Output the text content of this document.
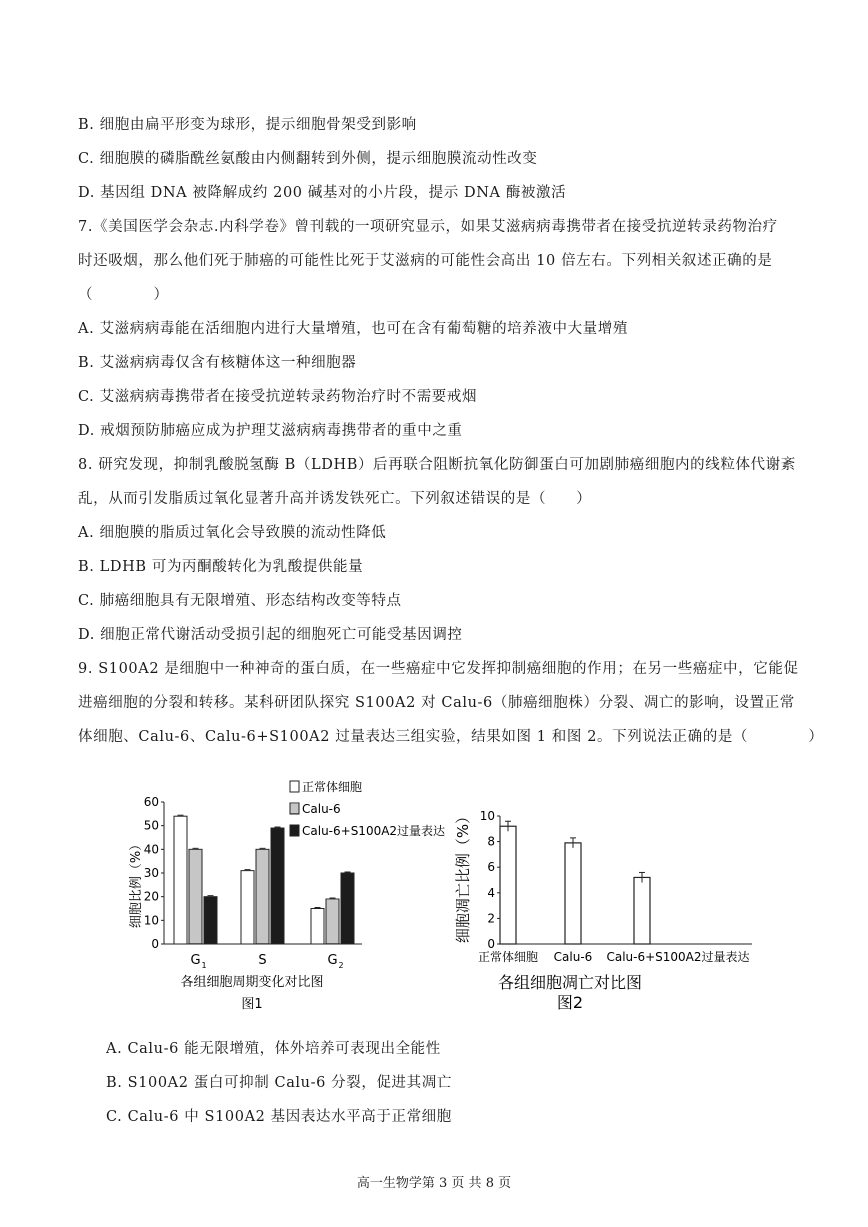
B. 细胞由扁平形变为球形，提示细胞骨架受到影响
C. 细胞膜的磷脂酰丝氨酸由内侧翻转到外侧，提示细胞膜流动性改变
D. 基因组 DNA 被降解成约 200 碱基对的小片段，提示 DNA 酶被激活
7.《美国医学会杂志.内科学卷》曾刊载的一项研究显示，如果艾滋病病毒携带者在接受抗逆转录药物治疗
时还吸烟，那么他们死于肺癌的可能性比死于艾滋病的可能性会高出 10 倍左右。下列相关叙述正确的是
（　　　　）
A. 艾滋病病毒能在活细胞内进行大量增殖，也可在含有葡萄糖的培养液中大量增殖
B. 艾滋病病毒仅含有核糖体这一种细胞器
C. 艾滋病病毒携带者在接受抗逆转录药物治疗时不需要戒烟
D. 戒烟预防肺癌应成为护理艾滋病病毒携带者的重中之重
8. 研究发现，抑制乳酸脱氢酶 B（LDHB）后再联合阻断抗氧化防御蛋白可加剧肺癌细胞内的线粒体代谢紊
乱，从而引发脂质过氧化显著升高并诱发铁死亡。下列叙述错误的是（　　）
A. 细胞膜的脂质过氧化会导致膜的流动性降低
B. LDHB 可为丙酮酸转化为乳酸提供能量
C. 肺癌细胞具有无限增殖、形态结构改变等特点
D. 细胞正常代谢活动受损引起的细胞死亡可能受基因调控
9. S100A2 是细胞中一种神奇的蛋白质，在一些癌症中它发挥抑制癌细胞的作用；在另一些癌症中，它能促
进癌细胞的分裂和转移。某科研团队探究 S100A2 对 Calu-6（肺癌细胞株）分裂、凋亡的影响，设置正常
体细胞、Calu-6、Calu-6+S100A2 过量表达三组实验，结果如图 1 和图 2。下列说法正确的是（　　　　）
细胞比例（%）
0
10
20
30
40
50
60
G 1	S	G 2
正常体细胞
Calu-6
Calu-6+S100A2过量表达
各组细胞周期变化对比图
图1
细胞凋亡比例（%）
0
2
4
6
8
10
正常体细胞 Calu-6 Calu-6+S100A2过量表达
各组细胞凋亡对比图
图2
A. Calu-6 能无限增殖，体外培养可表现出全能性
B. S100A2 蛋白可抑制 Calu-6 分裂，促进其凋亡
C. Calu-6 中 S100A2 基因表达水平高于正常细胞
高一生物学第 3 页 共 8 页
